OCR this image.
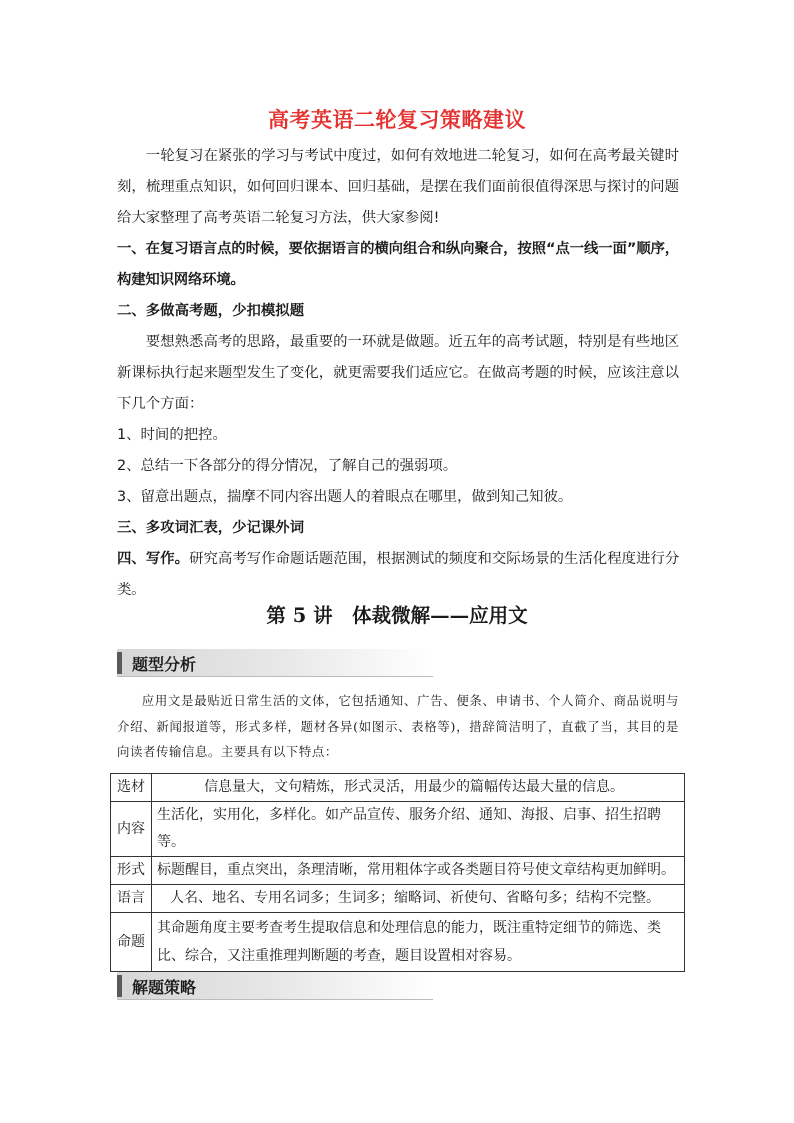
高考英语二轮复习策略建议

一轮复习在紧张的学习与考试中度过，如何有效地进二轮复习，如何在高考最关键时刻，梳理重点知识，如何回归课本、回归基础，是摆在我们面前很值得深思与探讨的问题给大家整理了高考英语二轮复习方法，供大家参阅!

一、在复习语言点的时候，要依据语言的横向组合和纵向聚合，按照“点一线一面”顺序，构建知识网络环境。

二、多做高考题，少扣模拟题

要想熟悉高考的思路，最重要的一环就是做题。近五年的高考试题，特别是有些地区新课标执行起来题型发生了变化，就更需要我们适应它。在做高考题的时候，应该注意以下几个方面：

1、时间的把控。

2、总结一下各部分的得分情况，了解自己的强弱项。

3、留意出题点，揣摩不同内容出题人的着眼点在哪里，做到知己知彼。

三、多攻词汇表，少记课外词

四、写作。研究高考写作命题话题范围，根据测试的频度和交际场景的生活化程度进行分类。

第 5 讲　体裁微解——应用文
题型分析

应用文是最贴近日常生活的文体，它包括通知、广告、便条、申请书、个人简介、商品说明与介绍、新闻报道等，形式多样，题材各异(如图示、表格等)，措辞简洁明了，直截了当，其目的是向读者传输信息。主要具有以下特点：

选材	信息量大，文句精炼，形式灵活，用最少的篇幅传达最大量的信息。
内容	生活化，实用化，多样化。如产品宣传、服务介绍、通知、海报、启事、招生招聘等。
形式	标题醒目，重点突出，条理清晰，常用粗体字或各类题目符号使文章结构更加鲜明。
语言	人名、地名、专用名词多；生词多；缩略词、祈使句、省略句多；结构不完整。
命题	其命题角度主要考查考生提取信息和处理信息的能力，既注重特定细节的筛选、类比、综合，又注重推理判断题的考查，题目设置相对容易。
解题策略
